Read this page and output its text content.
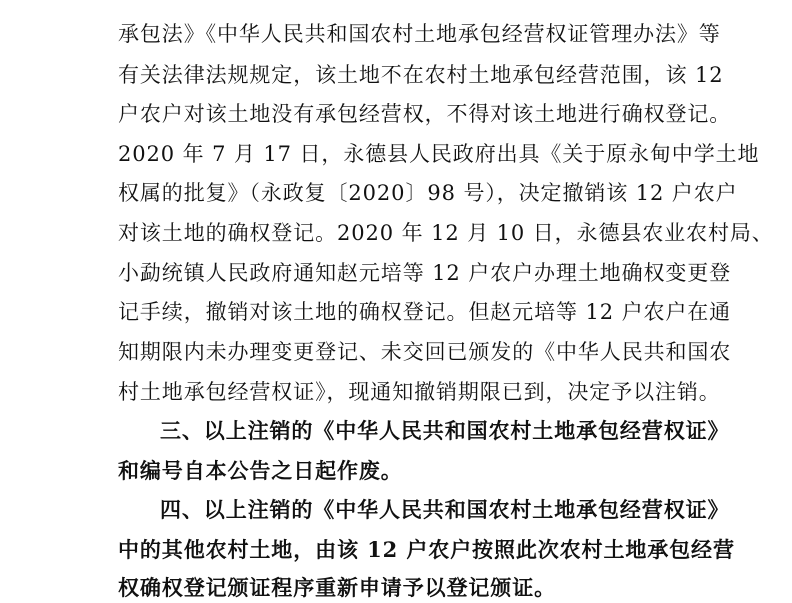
承包法》《中华人民共和国农村土地承包经营权证管理办法》等
有关法律法规规定，该土地不在农村土地承包经营范围，该 12
户农户对该土地没有承包经营权，不得对该土地进行确权登记。
2020 年 7 月 17 日，永德县人民政府出具《关于原永甸中学土地
权属的批复》（永政复〔2020〕98 号），决定撤销该 12 户农户
对该土地的确权登记。2020 年 12 月 10 日，永德县农业农村局、
小勐统镇人民政府通知赵元培等 12 户农户办理土地确权变更登
记手续，撤销对该土地的确权登记。但赵元培等 12 户农户在通
知期限内未办理变更登记、未交回已颁发的《中华人民共和国农
村土地承包经营权证》，现通知撤销期限已到，决定予以注销。
三、以上注销的《中华人民共和国农村土地承包经营权证》
和编号自本公告之日起作废。
四、以上注销的《中华人民共和国农村土地承包经营权证》
中的其他农村土地，由该 12 户农户按照此次农村土地承包经营
权确权登记颁证程序重新申请予以登记颁证。
